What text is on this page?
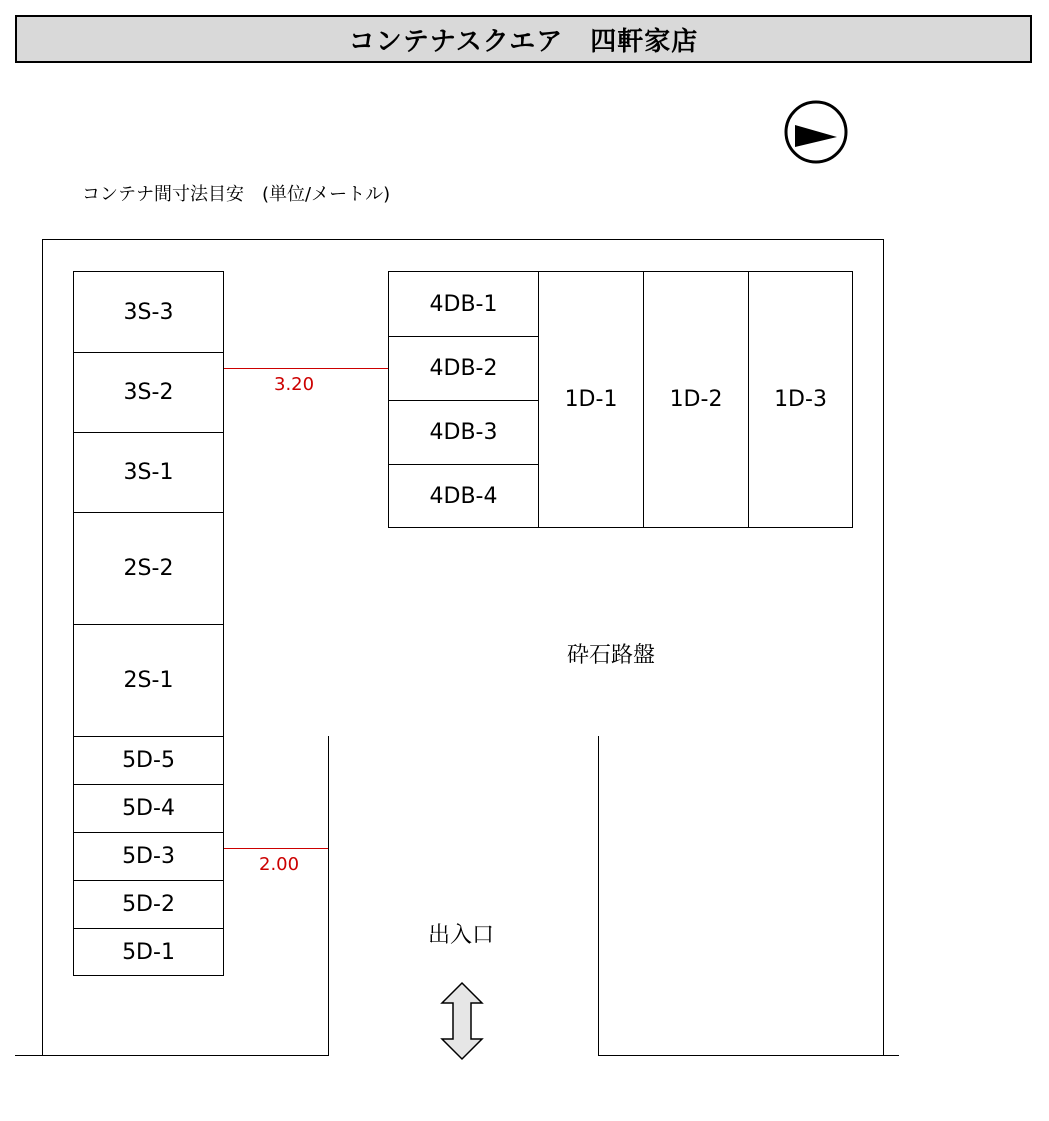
コンテナスクエア　四軒家店
コンテナ間寸法目安　(単位/メートル)
3S-3
3S-2
3S-1
2S-2
2S-1
5D-5
5D-4
5D-3
5D-2
5D-1
4DB-1
4DB-2
4DB-3
4DB-4
1D-1 1D-2 1D-3
3.20
2.00
砕石路盤
出入口
